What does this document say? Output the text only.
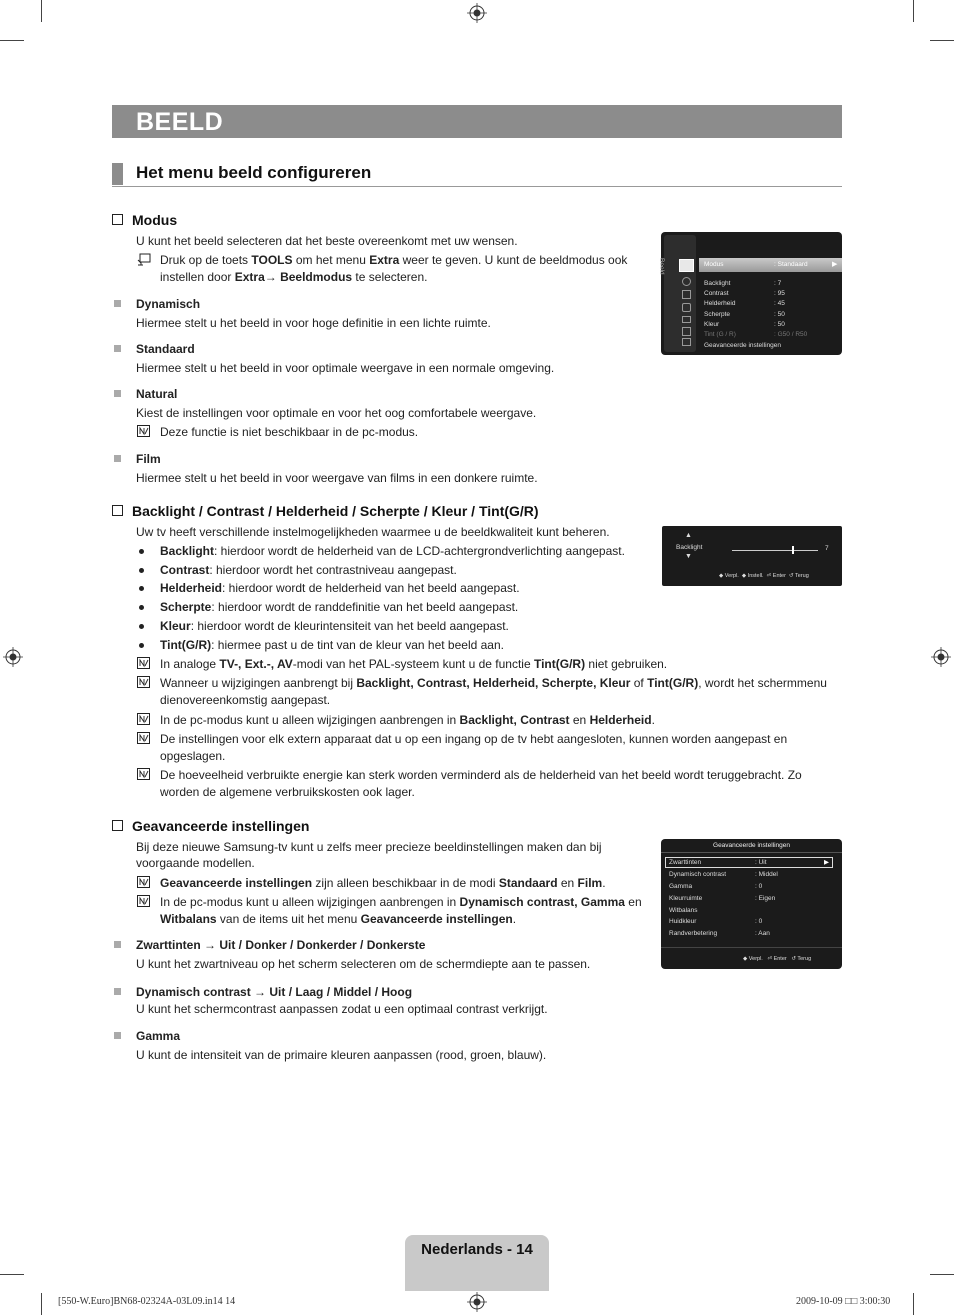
BEELD
Het menu beeld configureren
Modus
U kunt het beeld selecteren dat het beste overeenkomt met uw wensen.
Druk op de toets TOOLS om het menu Extra weer te geven. U kunt de beeldmodus ook
instellen door Extra→ Beeldmodus te selecteren.
Dynamisch
Hiermee stelt u het beeld in voor hoge definitie in een lichte ruimte.
Standaard
Hiermee stelt u het beeld in voor optimale weergave in een normale omgeving.
Natural
Kiest de instellingen voor optimale en voor het oog comfortabele weergave.
Deze functie is niet beschikbaar in de pc-modus.
Film
Hiermee stelt u het beeld in voor weergave van films in een donkere ruimte.
Beeld	Modus	: Standaard	▶
Backlight	: 7
Contrast	: 95
Helderheid	: 45
Scherpte	: 50
Kleur	: 50
Tint (G / R)	: G50 / R50
Geavanceerde instellingen
Backlight / Contrast / Helderheid / Scherpte / Kleur / Tint(G/R)
Uw tv heeft verschillende instelmogelijkheden waarmee u de beeldkwaliteit kunt beheren.
Backlight: hierdoor wordt de helderheid van de LCD-achtergrondverlichting aangepast.
Contrast: hierdoor wordt het contrastniveau aangepast.
Helderheid: hierdoor wordt de helderheid van het beeld aangepast.
Scherpte: hierdoor wordt de randdefinitie van het beeld aangepast.
Kleur: hierdoor wordt de kleurintensiteit van het beeld aangepast.
Tint(G/R): hiermee past u de tint van de kleur van het beeld aan.
In analoge TV-, Ext.-, AV-modi van het PAL-systeem kunt u de functie Tint(G/R) niet gebruiken.
Wanneer u wijzigingen aanbrengt bij Backlight, Contrast, Helderheid, Scherpte, Kleur of Tint(G/R), wordt het schermmenu
dienovereenkomstig aangepast.
In de pc-modus kunt u alleen wijzigingen aanbrengen in Backlight, Contrast en Helderheid.
De instellingen voor elk extern apparaat dat u op een ingang op de tv hebt aangesloten, kunnen worden aangepast en
opgeslagen.
De hoeveelheid verbruikte energie kan sterk worden verminderd als de helderheid van het beeld wordt teruggebracht. Zo
worden de algemene verbruikskosten ook lager.
▲
Backlight
▼
7
◆ Verpl. ◆ Instell. ⏎ Enter ↺ Terug
Geavanceerde instellingen
Bij deze nieuwe Samsung-tv kunt u zelfs meer precieze beeldinstellingen maken dan bij
voorgaande modellen.
Geavanceerde instellingen zijn alleen beschikbaar in de modi Standaard en Film.
In de pc-modus kunt u alleen wijzigingen aanbrengen in Dynamisch contrast, Gamma en
Witbalans van de items uit het menu Geavanceerde instellingen.
Zwarttinten → Uit / Donker / Donkerder / Donkerste
U kunt het zwartniveau op het scherm selecteren om de schermdiepte aan te passen.
Dynamisch contrast → Uit / Laag / Middel / Hoog
U kunt het schermcontrast aanpassen zodat u een optimaal contrast verkrijgt.
Gamma
U kunt de intensiteit van de primaire kleuren aanpassen (rood, groen, blauw).
Geavanceerde instellingen
▶
Zwarttinten	: Uit
Dynamisch contrast	: Middel
Gamma	: 0
Kleurruimte	: Eigen
Witbalans
Huidkleur	: 0
Randverbetering	: Aan
◆ Verpl. ⏎ Enter ↺ Terug
Nederlands - 14
[550-W.Euro]BN68-02324A-03L09.in14 14	2009-10-09 □□ 3:00:30
